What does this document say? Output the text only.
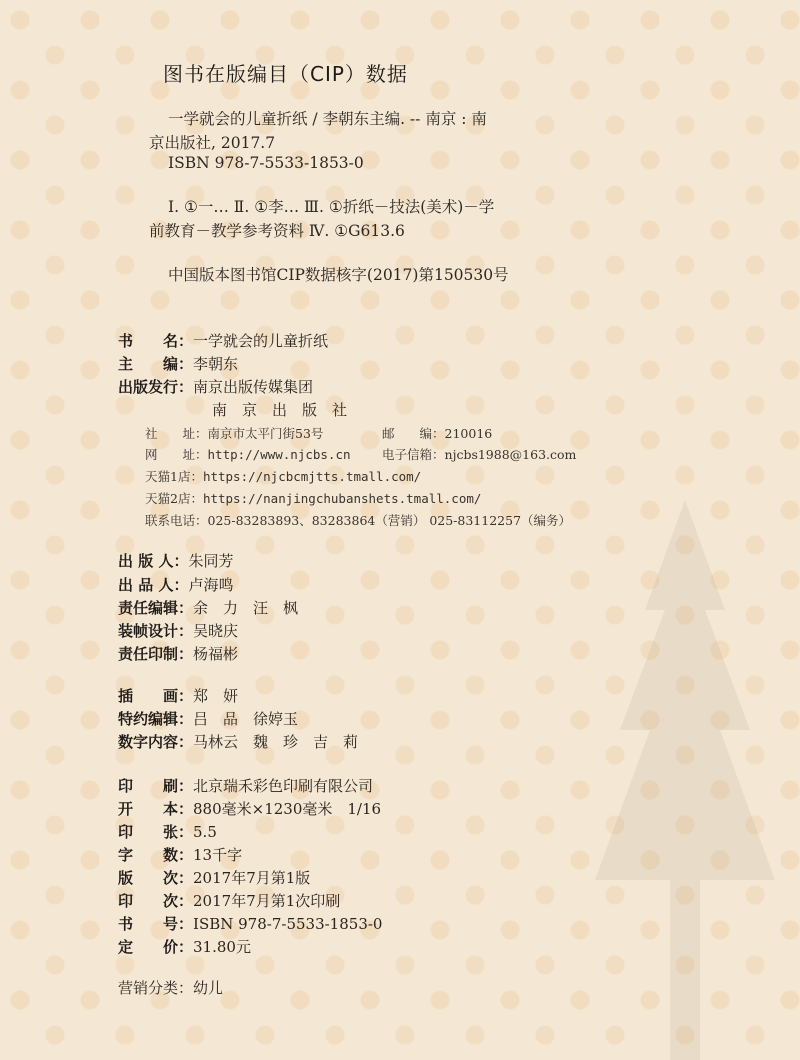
图书在版编目（CIP）数据
一学就会的儿童折纸 / 李朝东主编. -- 南京 : 南
京出版社, 2017.7
ISBN 978-7-5533-1853-0
Ⅰ. ①一… Ⅱ. ①李… Ⅲ. ①折纸－技法(美术)－学
前教育－教学参考资料 Ⅳ. ①G613.6
中国版本图书馆CIP数据核字(2017)第150530号
书　　名： 一学就会的儿童折纸
主　　编： 李朝东
出版发行： 南京出版传媒集团
南　京　出　版　社
社　　址： 南京市太平门街53号	邮　　编： 210016
网　　址： http://www.njcbs.cn	电子信箱： njcbs1988@163.com
天猫1店： https://njcbcmjtts.tmall.com/
天猫2店： https://nanjingchubanshets.tmall.com/
联系电话： 025-83283893、83283864（营销） 025-83112257（编务）
出 版 人： 朱同芳
出 品 人： 卢海鸣
责任编辑： 余　力　汪　枫
装帧设计： 吴晓庆
责任印制： 杨福彬
插　　画： 郑　妍
特约编辑： 吕　品　徐婷玉
数字内容： 马林云　魏　珍　吉　莉
印　　刷： 北京瑞禾彩色印刷有限公司
开　　本： 880毫米×1230毫米　1/16
印　　张： 5.5
字　　数： 13千字
版　　次： 2017年7月第1版
印　　次： 2017年7月第1次印刷
书　　号： ISBN 978-7-5533-1853-0
定　　价： 31.80元
营销分类： 幼儿
